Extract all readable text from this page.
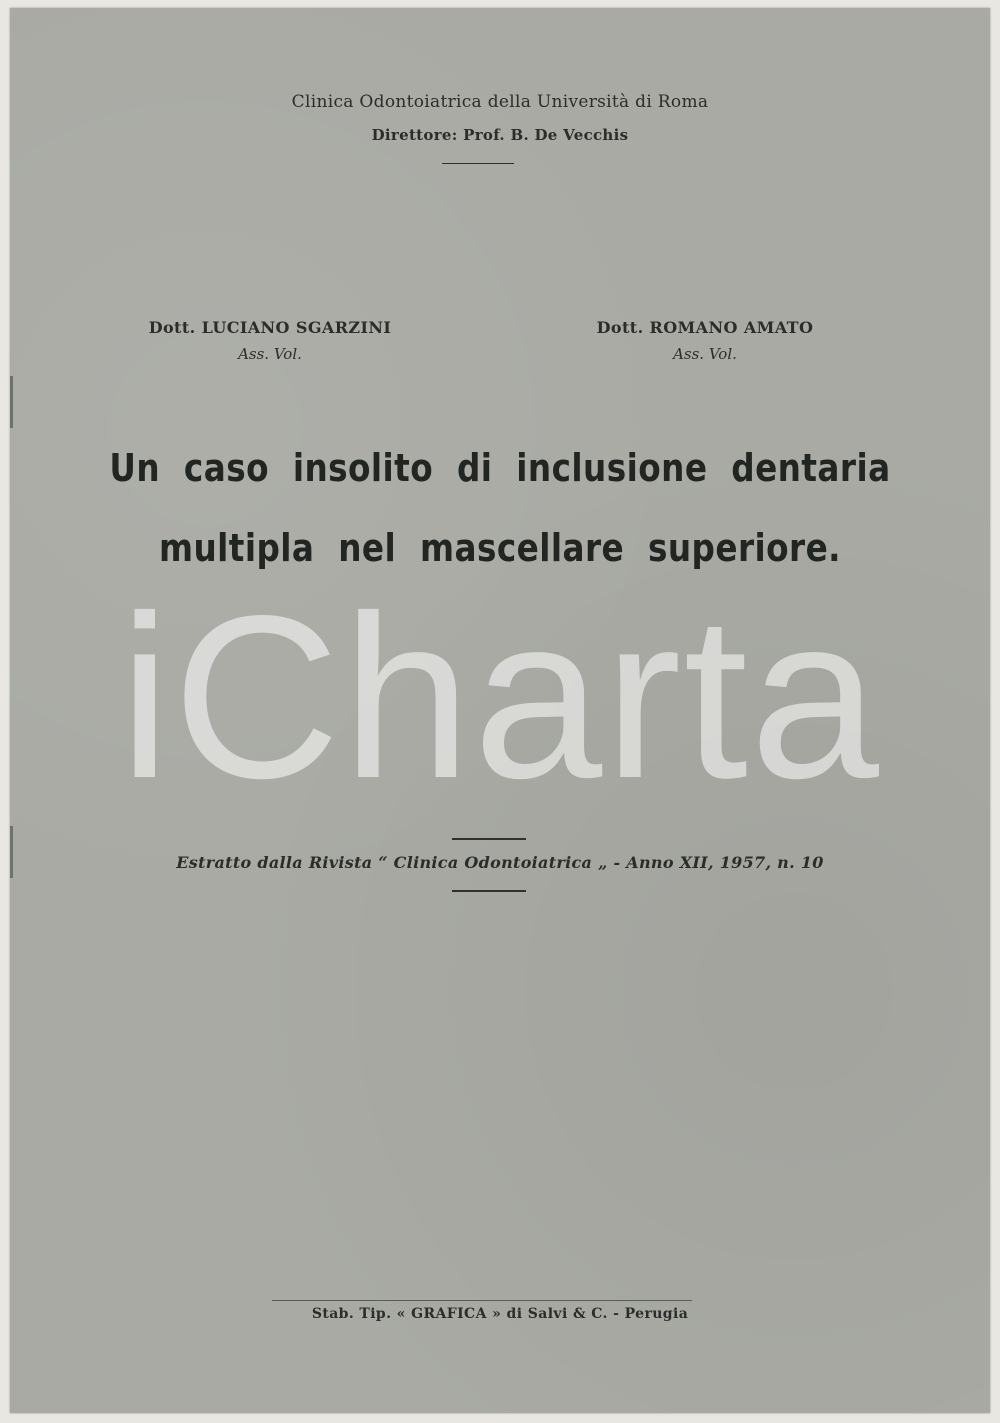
Clinica Odontoiatrica della Università di Roma
Direttore: Prof. B. De Vecchis
Dott. LUCIANO SGARZINI
Ass. Vol.
Dott. ROMANO AMATO
Ass. Vol.
Un caso insolito di inclusione dentaria
multipla nel mascellare superiore.
iCharta
Estratto dalla Rivista “ Clinica Odontoiatrica „ - Anno XII, 1957, n. 10
Stab. Tip. « GRAFICA » di Salvi & C. - Perugia
